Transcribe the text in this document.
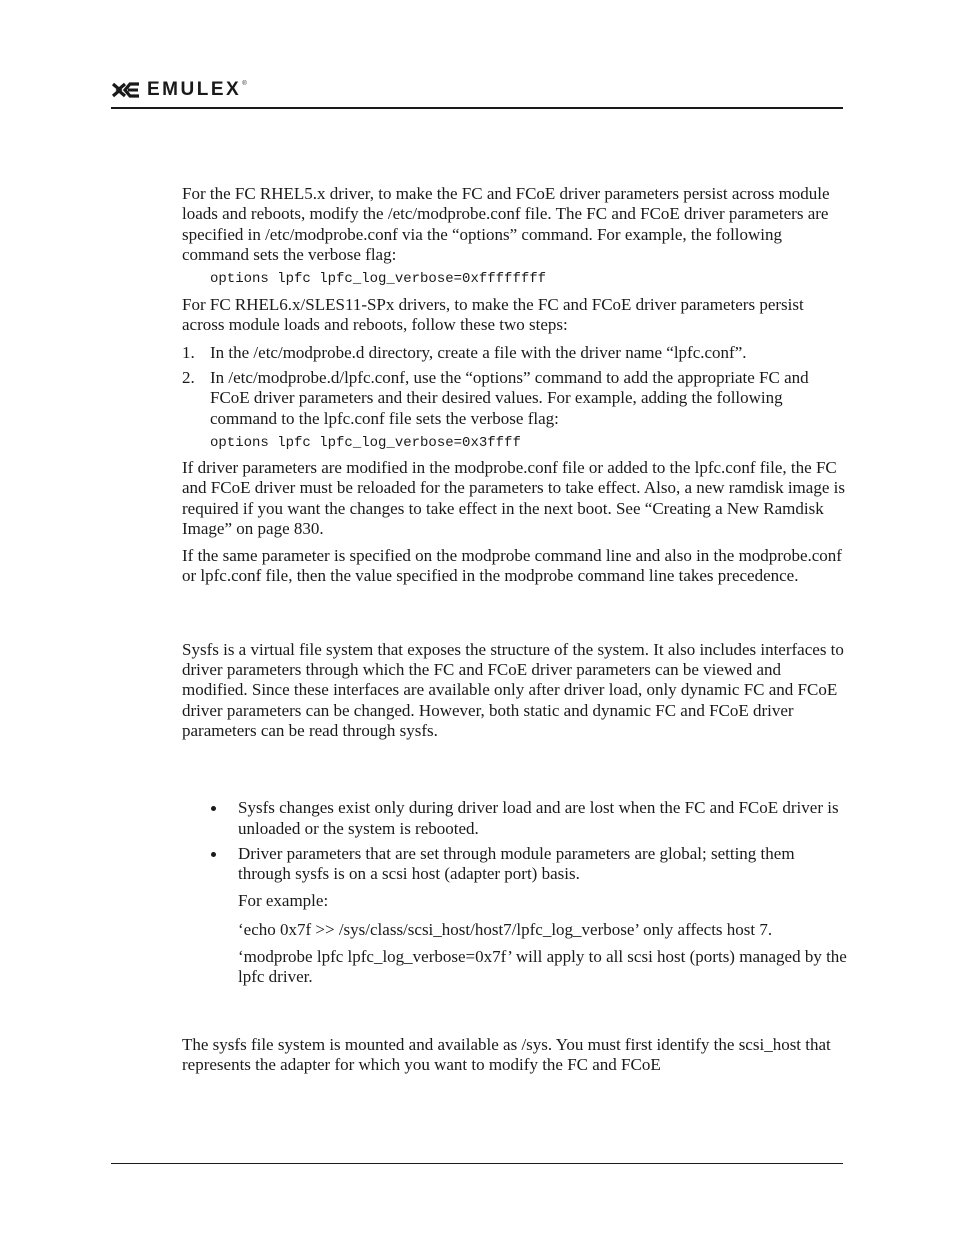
EMULEX ®

For the FC RHEL5.x driver, to make the FC and FCoE driver parameters persist across module loads and reboots, modify the /etc/modprobe.conf file. The FC and FCoE driver parameters are specified in /etc/modprobe.conf via the “options” command. For example, the following command sets the verbose flag:

options lpfc lpfc_log_verbose=0xffffffff

For FC RHEL6.x/SLES11-SPx drivers, to make the FC and FCoE driver parameters persist across module loads and reboots, follow these two steps:

1. In the /etc/modprobe.d directory, create a file with the driver name “lpfc.conf”.
2. In /etc/modprobe.d/lpfc.conf, use the “options” command to add the appropriate FC and FCoE driver parameters and their desired values. For example, adding the following command to the lpfc.conf file sets the verbose flag:
options lpfc lpfc_log_verbose=0x3ffff

If driver parameters are modified in the modprobe.conf file or added to the lpfc.conf file, the FC and FCoE driver must be reloaded for the parameters to take effect. Also, a new ramdisk image is required if you want the changes to take effect in the next boot. See “Creating a New Ramdisk Image” on page 830.

If the same parameter is specified on the modprobe command line and also in the modprobe.conf or lpfc.conf file, then the value specified in the modprobe command line takes precedence.

Sysfs is a virtual file system that exposes the structure of the system. It also includes interfaces to driver parameters through which the FC and FCoE driver parameters can be viewed and modified. Since these interfaces are available only after driver load, only dynamic FC and FCoE driver parameters can be changed. However, both static and dynamic FC and FCoE driver parameters can be read through sysfs.

Sysfs changes exist only during driver load and are lost when the FC and FCoE driver is unloaded or the system is rebooted.
Driver parameters that are set through module parameters are global; setting them through sysfs is on a scsi host (adapter port) basis.

For example:

‘echo 0x7f >> /sys/class/scsi_host/host7/lpfc_log_verbose’ only affects host 7.

‘modprobe lpfc lpfc_log_verbose=0x7f’ will apply to all scsi host (ports) managed by the lpfc driver.

The sysfs file system is mounted and available as /sys. You must first identify the scsi_host that represents the adapter for which you want to modify the FC and FCoE
